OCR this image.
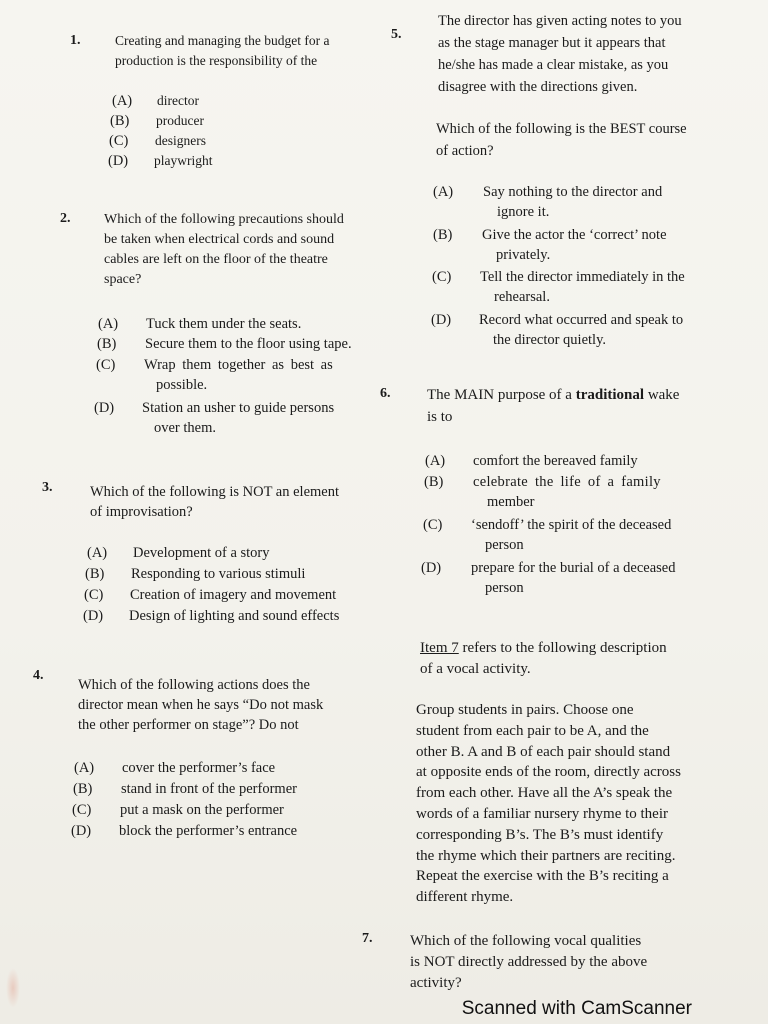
1.	Creating and managing the budget for a
production is the responsibility of the
(A) director
(B) producer
(C) designers
(D) playwright
2. Which of the following precautions should
be taken when electrical cords and sound
cables are left on the floor of the theatre
space?
(A) Tuck them under the seats.
(B) Secure them to the floor using tape.
(C) Wrap them together as best as
possible.
(D) Station an usher to guide persons
over them.
3.	Which of the following is NOT an element
of improvisation?
(A) Development of a story
(B) Responding to various stimuli
(C) Creation of imagery and movement
(D) Design of lighting and sound effects
4.
Which of the following actions does the
director mean when he says “Do not mask
the other performer on stage”? Do not
(A) cover the performer’s face
(B) stand in front of the performer
(C) put a mask on the performer
(D) block the performer’s entrance
5.
The director has given acting notes to you
as the stage manager but it appears that
he/she has made a clear mistake, as you
disagree with the directions given.
Which of the following is the BEST course
of action?
(A) Say nothing to the director and
ignore it.
(B) Give the actor the ‘correct’ note
privately.
(C) Tell the director immediately in the
rehearsal.
(D) Record what occurred and speak to
the director quietly.
6. The MAIN purpose of a traditional wake
is to
(A) comfort the bereaved family
(B) celebrate the life of a family
member
(C) ‘sendoff’ the spirit of the deceased
person
(D) prepare for the burial of a deceased
person
Item 7 refers to the following description
of a vocal activity.
Group students in pairs. Choose one
student from each pair to be A, and the
other B. A and B of each pair should stand
at opposite ends of the room, directly across
from each other. Have all the A’s speak the
words of a familiar nursery rhyme to their
corresponding B’s. The B’s must identify
the rhyme which their partners are reciting.
Repeat the exercise with the B’s reciting a
different rhyme.
7.	Which of the following vocal qualities
is NOT directly addressed by the above
activity?
Scanned with CamScanner
